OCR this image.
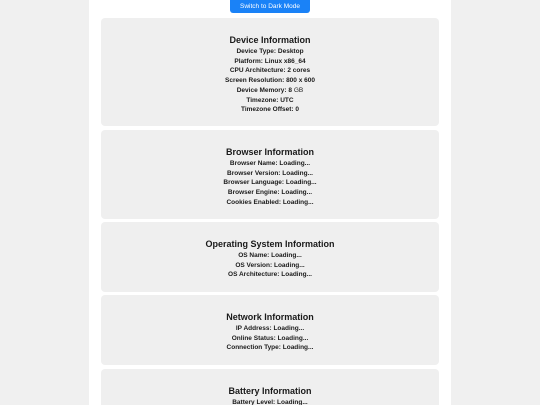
Switch to Dark Mode
Device Information

Device Type: Desktop

Platform: Linux x86_64

CPU Architecture: 2 cores

Screen Resolution: 800 x 600

Device Memory: 8 GB

Timezone: UTC

Timezone Offset: 0

Browser Information

Browser Name: Loading...

Browser Version: Loading...

Browser Language: Loading...

Browser Engine: Loading...

Cookies Enabled: Loading...

Operating System Information

OS Name: Loading...

OS Version: Loading...

OS Architecture: Loading...

Network Information

IP Address: Loading...

Online Status: Loading...

Connection Type: Loading...

Battery Information

Battery Level: Loading...
